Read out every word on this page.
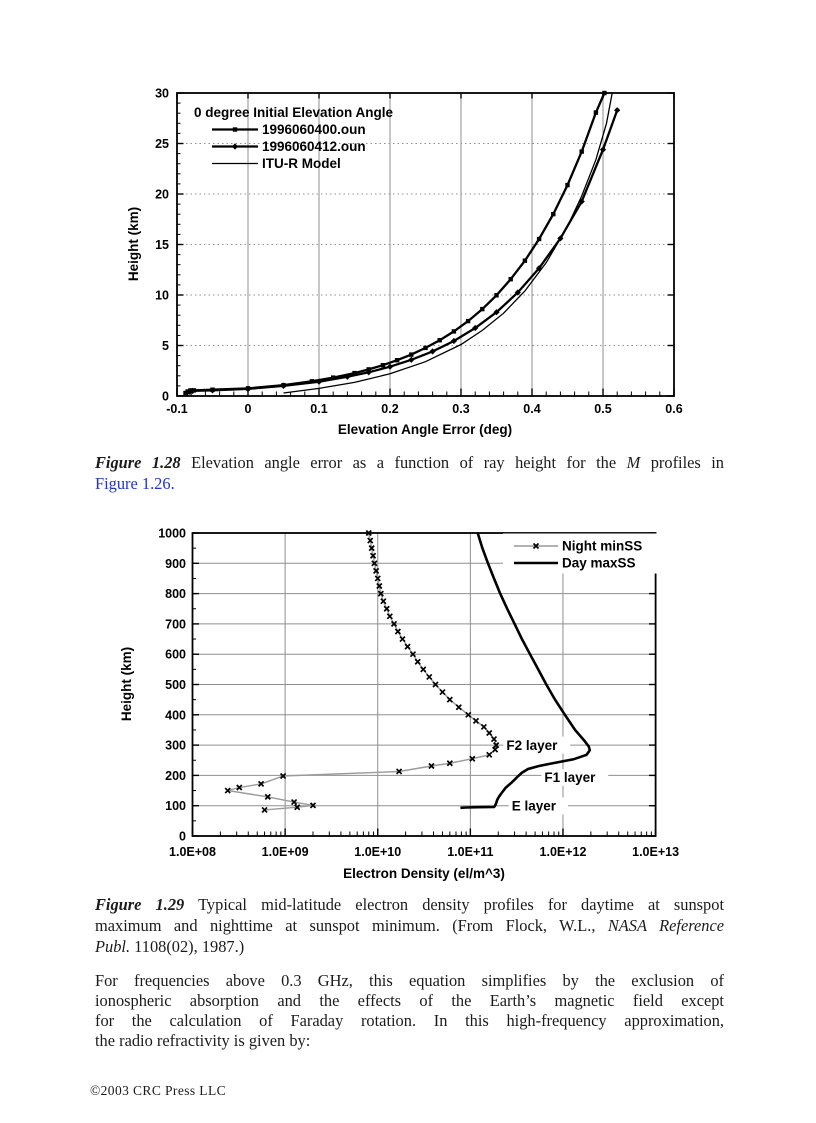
-0.1	0	0.1	0.2	0.3	0.4	0.5	0.6
0
5
10
15
20
25
30
Elevation Angle Error (deg)
Height (km)
0 degree Initial Elevation Angle
1996060400.oun
1996060412.oun
ITU-R Model
Figure 1.28 Elevation angle error as a function of ray height for the M profiles in
Figure 1.26.
F2 layer
F1 layer
E layer
1.0E+08	1.0E+09	1.0E+10	1.0E+11	1.0E+12	1.0E+13
0
100
200
300
400
500
600
700
800
900
1000
Electron Density (el/m^3)
Height (km)
Night minSS
Day maxSS
Figure 1.29 Typical mid-latitude electron density profiles for daytime at sunspot
maximum and nighttime at sunspot minimum. (From Flock, W.L., NASA Reference
Publ. 1108(02), 1987.)
For frequencies above 0.3 GHz, this equation simplifies by the exclusion of
ionospheric absorption and the effects of the Earth’s magnetic field except
for the calculation of Faraday rotation. In this high-frequency approximation,
the radio refractivity is given by:
©2003 CRC Press LLC
